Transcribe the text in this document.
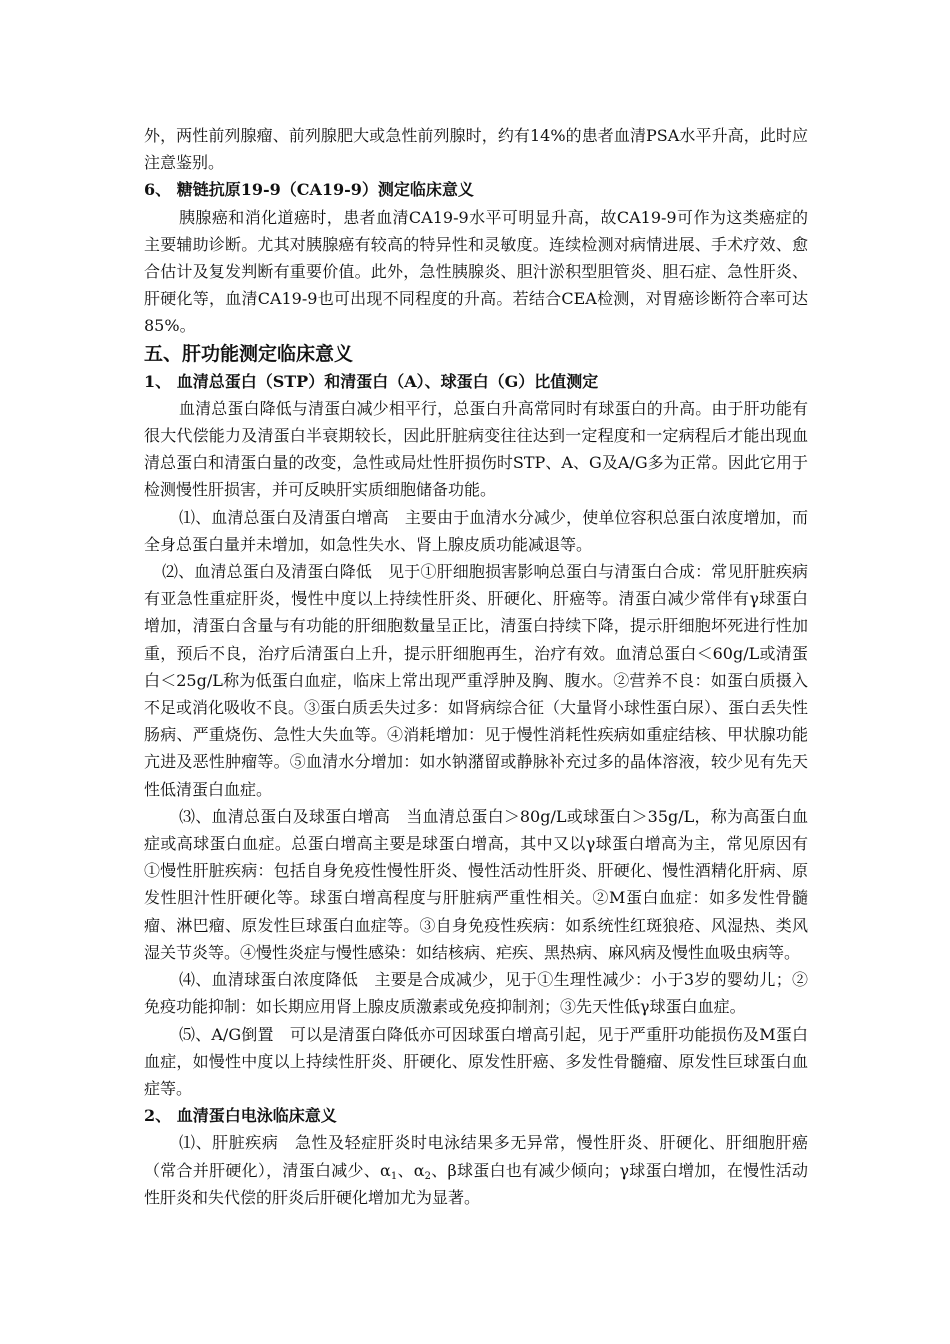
外，两性前列腺瘤、前列腺肥大或急性前列腺时，约有14%的患者血清PSA水平升高，此时应注意鉴别。

6、 糖链抗原19-9（CA19-9）测定临床意义

胰腺癌和消化道癌时，患者血清CA19-9水平可明显升高，故CA19-9可作为这类癌症的主要辅助诊断。尤其对胰腺癌有较高的特异性和灵敏度。连续检测对病情进展、手术疗效、愈合估计及复发判断有重要价值。此外，急性胰腺炎、胆汁淤积型胆管炎、胆石症、急性肝炎、肝硬化等，血清CA19-9也可出现不同程度的升高。若结合CEA检测，对胃癌诊断符合率可达85%。

五、肝功能测定临床意义

1、 血清总蛋白（STP）和清蛋白（A）、球蛋白（G）比值测定

血清总蛋白降低与清蛋白减少相平行，总蛋白升高常同时有球蛋白的升高。由于肝功能有很大代偿能力及清蛋白半衰期较长，因此肝脏病变往往达到一定程度和一定病程后才能出现血清总蛋白和清蛋白量的改变，急性或局灶性肝损伤时STP、A、G及A/G多为正常。因此它用于检测慢性肝损害，并可反映肝实质细胞储备功能。

⑴、血清总蛋白及清蛋白增高　主要由于血清水分减少，使单位容积总蛋白浓度增加，而全身总蛋白量并未增加，如急性失水、肾上腺皮质功能减退等。

⑵、血清总蛋白及清蛋白降低　见于①肝细胞损害影响总蛋白与清蛋白合成：常见肝脏疾病有亚急性重症肝炎，慢性中度以上持续性肝炎、肝硬化、肝癌等。清蛋白减少常伴有γ球蛋白增加，清蛋白含量与有功能的肝细胞数量呈正比，清蛋白持续下降，提示肝细胞坏死进行性加重，预后不良，治疗后清蛋白上升，提示肝细胞再生，治疗有效。血清总蛋白＜60g/L或清蛋白＜25g/L称为低蛋白血症，临床上常出现严重浮肿及胸、腹水。②营养不良：如蛋白质摄入不足或消化吸收不良。③蛋白质丢失过多：如肾病综合征（大量肾小球性蛋白尿）、蛋白丢失性肠病、严重烧伤、急性大失血等。④消耗增加：见于慢性消耗性疾病如重症结核、甲状腺功能亢进及恶性肿瘤等。⑤血清水分增加：如水钠潴留或静脉补充过多的晶体溶液，较少见有先天性低清蛋白血症。

⑶、血清总蛋白及球蛋白增高　当血清总蛋白＞80g/L或球蛋白＞35g/L，称为高蛋白血症或高球蛋白血症。总蛋白增高主要是球蛋白增高，其中又以γ球蛋白增高为主，常见原因有①慢性肝脏疾病：包括自身免疫性慢性肝炎、慢性活动性肝炎、肝硬化、慢性酒精化肝病、原发性胆汁性肝硬化等。球蛋白增高程度与肝脏病严重性相关。②M蛋白血症：如多发性骨髓瘤、淋巴瘤、原发性巨球蛋白血症等。③自身免疫性疾病：如系统性红斑狼疮、风湿热、类风湿关节炎等。④慢性炎症与慢性感染：如结核病、疟疾、黑热病、麻风病及慢性血吸虫病等。

⑷、血清球蛋白浓度降低　主要是合成减少，见于①生理性减少：小于3岁的婴幼儿；②免疫功能抑制：如长期应用肾上腺皮质激素或免疫抑制剂；③先天性低γ球蛋白血症。

⑸、A/G倒置　可以是清蛋白降低亦可因球蛋白增高引起，见于严重肝功能损伤及M蛋白血症，如慢性中度以上持续性肝炎、肝硬化、原发性肝癌、多发性骨髓瘤、原发性巨球蛋白血症等。

2、 血清蛋白电泳临床意义

⑴、肝脏疾病　急性及轻症肝炎时电泳结果多无异常，慢性肝炎、肝硬化、肝细胞肝癌（常合并肝硬化），清蛋白减少、$\alpha_1$、$\alpha_2$、β球蛋白也有减少倾向；γ球蛋白增加，在慢性活动性肝炎和失代偿的肝炎后肝硬化增加尤为显著。
